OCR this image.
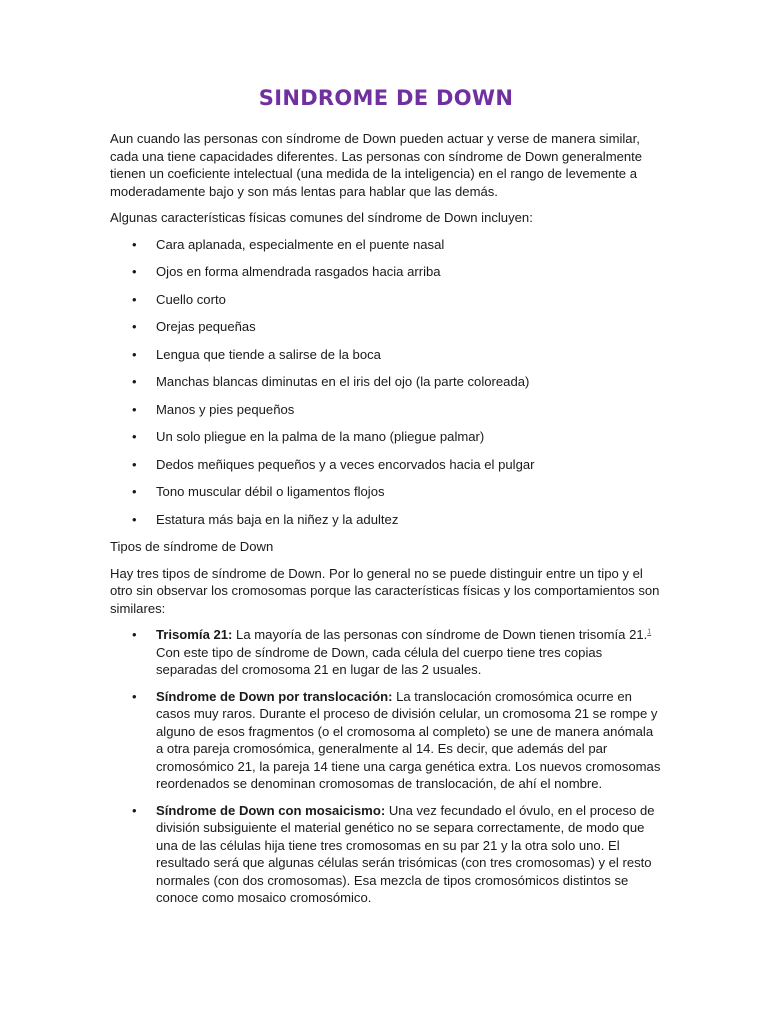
SINDROME DE DOWN

Aun cuando las personas con síndrome de Down pueden actuar y verse de manera similar, cada una tiene capacidades diferentes. Las personas con síndrome de Down generalmente tienen un coeficiente intelectual (una medida de la inteligencia) en el rango de levemente a moderadamente bajo y son más lentas para hablar que las demás.

Algunas características físicas comunes del síndrome de Down incluyen:

• Cara aplanada, especialmente en el puente nasal
• Ojos en forma almendrada rasgados hacia arriba
• Cuello corto
• Orejas pequeñas
• Lengua que tiende a salirse de la boca
• Manchas blancas diminutas en el iris del ojo (la parte coloreada)
• Manos y pies pequeños
• Un solo pliegue en la palma de la mano (pliegue palmar)
• Dedos meñiques pequeños y a veces encorvados hacia el pulgar
• Tono muscular débil o ligamentos flojos
• Estatura más baja en la niñez y la adultez

Tipos de síndrome de Down

Hay tres tipos de síndrome de Down. Por lo general no se puede distinguir entre un tipo y el otro sin observar los cromosomas porque las características físicas y los comportamientos son similares:

• Trisomía 21: La mayoría de las personas con síndrome de Down tienen trisomía 21.$^1$ Con este tipo de síndrome de Down, cada célula del cuerpo tiene tres copias separadas del cromosoma 21 en lugar de las 2 usuales.
• Síndrome de Down por translocación: La translocación cromosómica ocurre en casos muy raros. Durante el proceso de división celular, un cromosoma 21 se rompe y alguno de esos fragmentos (o el cromosoma al completo) se une de manera anómala a otra pareja cromosómica, generalmente al 14. Es decir, que además del par cromosómico 21, la pareja 14 tiene una carga genética extra. Los nuevos cromosomas reordenados se denominan cromosomas de translocación, de ahí el nombre.
• Síndrome de Down con mosaicismo: Una vez fecundado el óvulo, en el proceso de división subsiguiente el material genético no se separa correctamente, de modo que una de las células hija tiene tres cromosomas en su par 21 y la otra solo uno. El resultado será que algunas células serán trisómicas (con tres cromosomas) y el resto normales (con dos cromosomas). Esa mezcla de tipos cromosómicos distintos se conoce como mosaico cromosómico.
